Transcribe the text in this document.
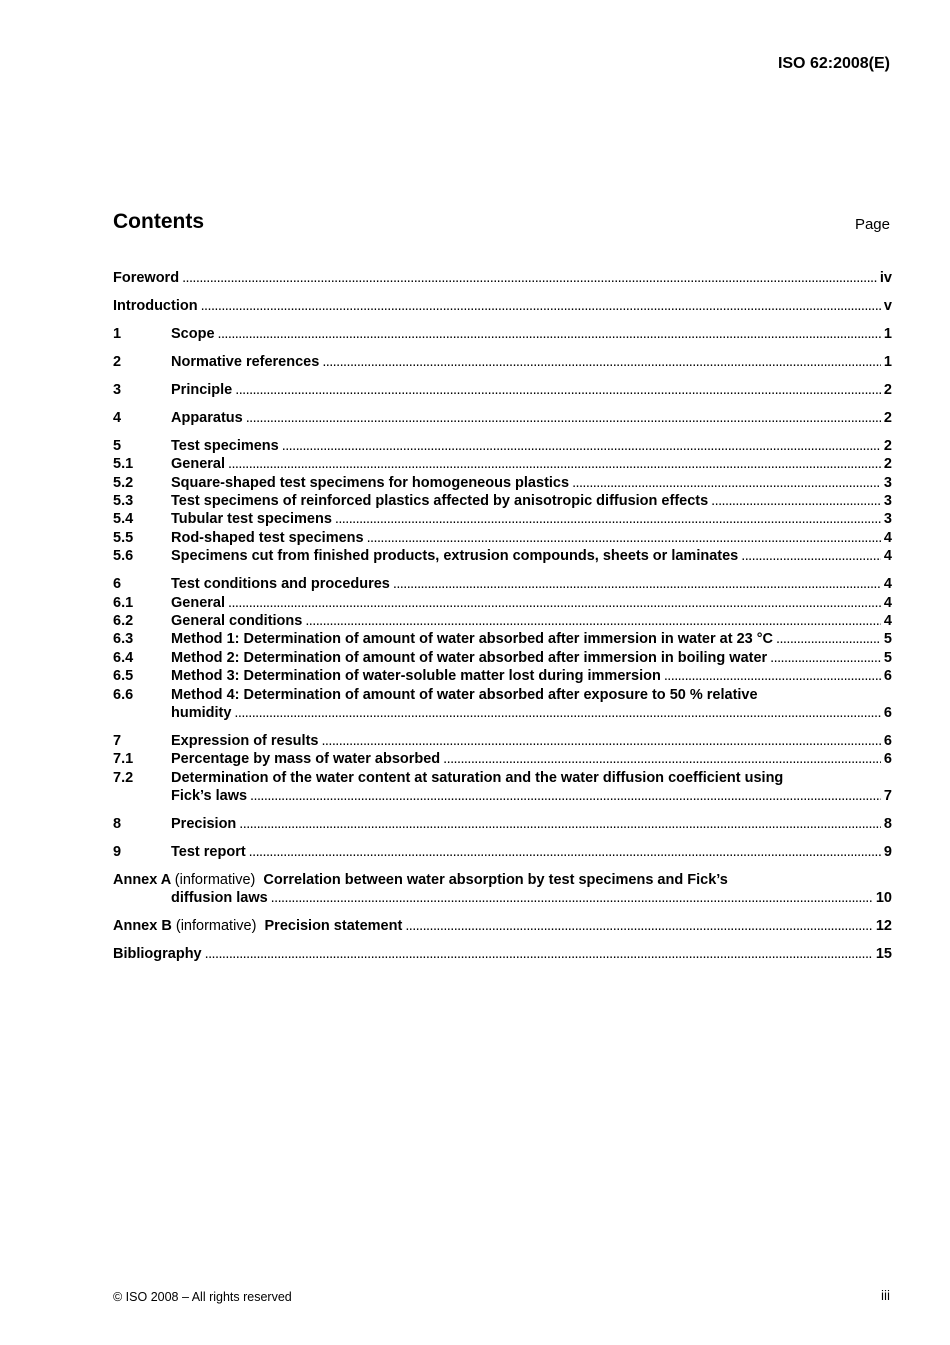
ISO 62:2008(E)
Contents	Page
Foreword . . .	iv
Introduction . . .	v
1	Scope . . .	1
2	Normative references . . .	1
3	Principle . . .	2
4	Apparatus . . .	2
5	Test specimens . . .	2
5.1	General . . .	2
5.2	Square-shaped test specimens for homogeneous plastics . . .	3
5.3	Test specimens of reinforced plastics affected by anisotropic diffusion effects . . .	3
5.4	Tubular test specimens . . .	3
5.5	Rod-shaped test specimens . . .	4
5.6	Specimens cut from finished products, extrusion compounds, sheets or laminates . . .	4
6	Test conditions and procedures . . .	4
6.1	General . . .	4
6.2	General conditions . . .	4
6.3	Method 1: Determination of amount of water absorbed after immersion in water at 23 °C . . .	5
6.4	Method 2: Determination of amount of water absorbed after immersion in boiling water . . .	5
6.5	Method 3: Determination of water-soluble matter lost during immersion . . .	6
6.6	Method 4: Determination of amount of water absorbed after exposure to 50 % relative
humidity . . .	6
7	Expression of results . . .	6
7.1	Percentage by mass of water absorbed . . .	6
7.2	Determination of the water content at saturation and the water diffusion coefficient using
Fick’s laws . . .	7
8	Precision . . .	8
9	Test report . . .	9
Annex A (informative) Correlation between water absorption by test specimens and Fick’s
diffusion laws . . .	10
Annex B (informative) Precision statement . . .	12
Bibliography . . .	15
© ISO 2008 – All rights reserved	iii
